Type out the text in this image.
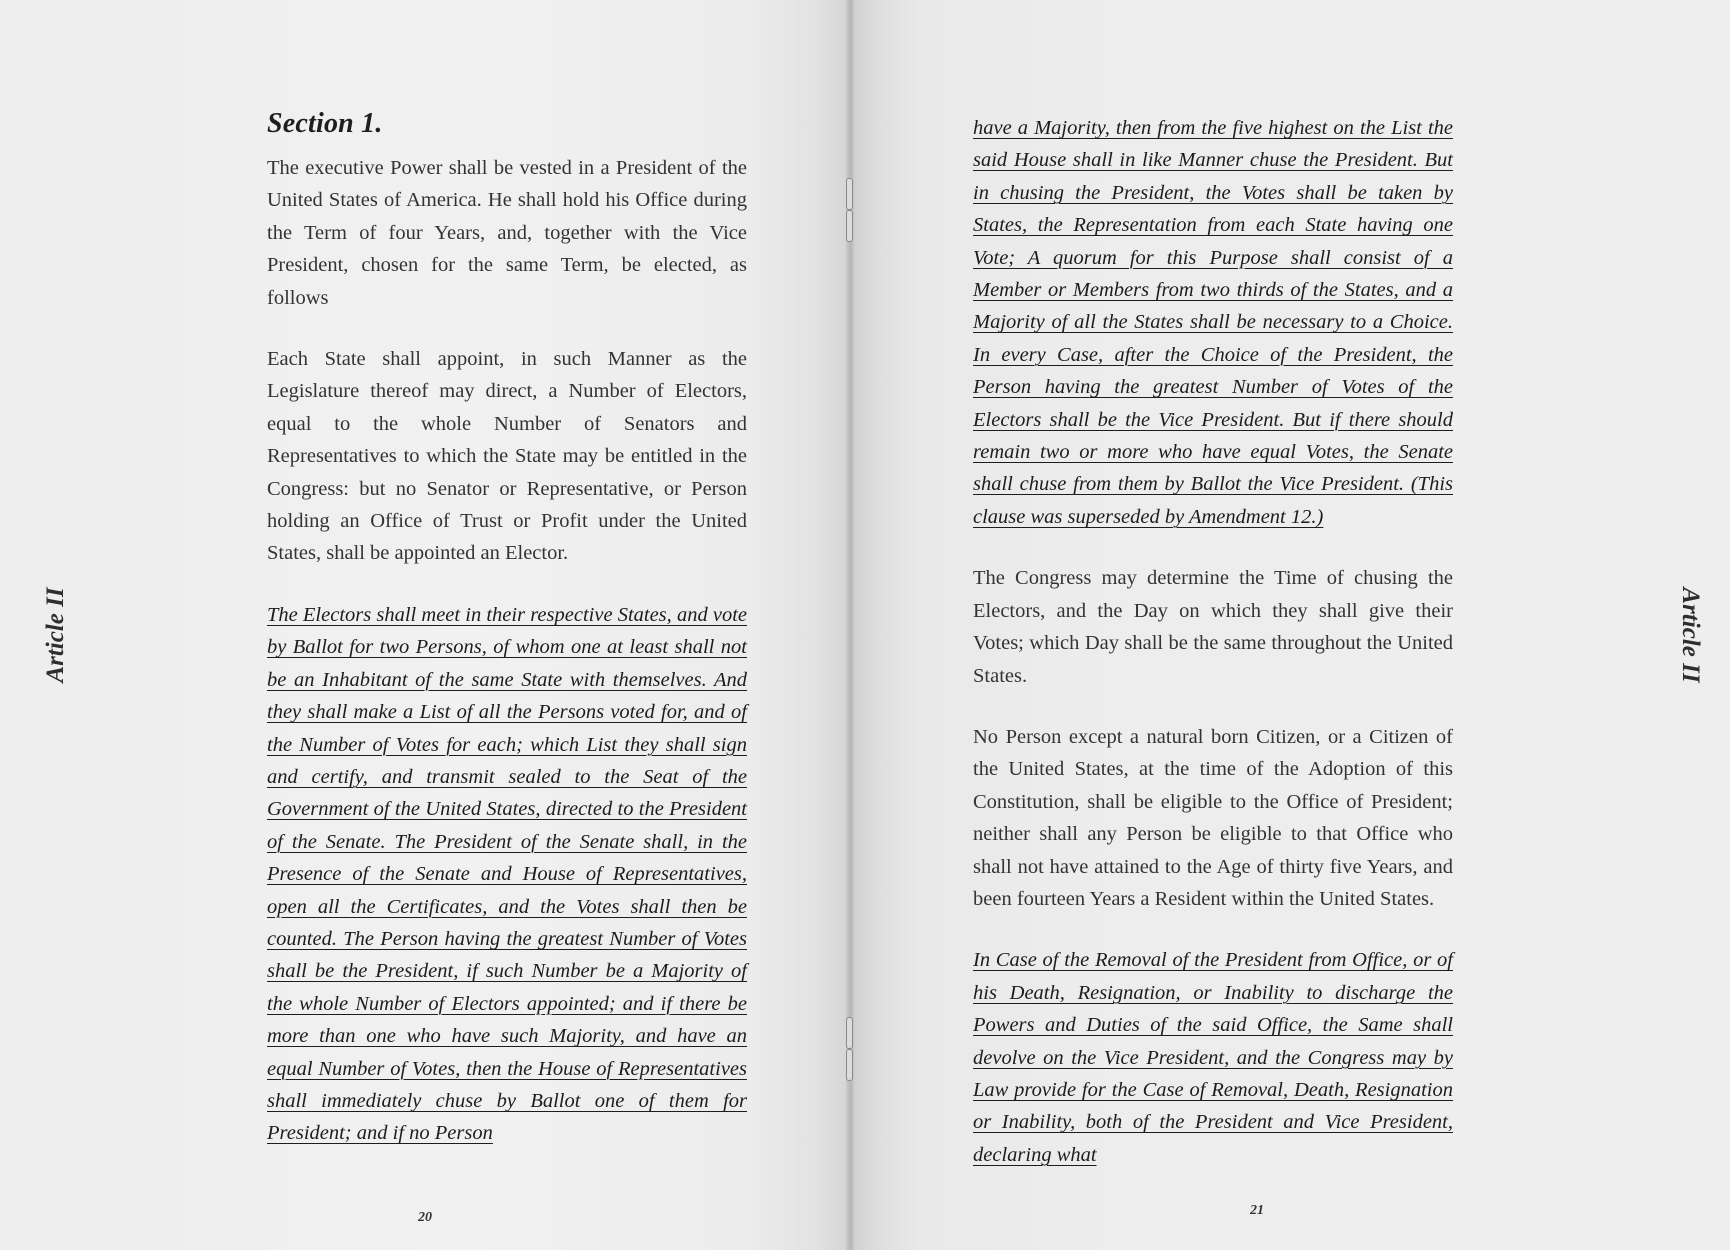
Article II
Section 1.

The executive Power shall be vested in a President of the United States of America. He shall hold his Office during the Term of four Years, and, together with the Vice President, chosen for the same Term, be elected, as follows

Each State shall appoint, in such Manner as the Legislature thereof may direct, a Number of Electors, equal to the whole Number of Senators and Representatives to which the State may be entitled in the Congress: but no Senator or Representative, or Person holding an Office of Trust or Profit under the United States, shall be appointed an Elector.

The Electors shall meet in their respective States, and vote by Ballot for two Persons, of whom one at least shall not be an Inhabitant of the same State with themselves. And they shall make a List of all the Persons voted for, and of the Number of Votes for each; which List they shall sign and certify, and transmit sealed to the Seat of the Government of the United States, directed to the President of the Senate. The President of the Senate shall, in the Presence of the Senate and House of Representatives, open all the Certificates, and the Votes shall then be counted. The Person having the greatest Number of Votes shall be the President, if such Number be a Majority of the whole Number of Electors appointed; and if there be more than one who have such Majority, and have an equal Number of Votes, then the House of Representatives shall immediately chuse by Ballot one of them for President; and if no Person

20

have a Majority, then from the five highest on the List the said House shall in like Manner chuse the President. But in chusing the President, the Votes shall be taken by States, the Representation from each State having one Vote; A quorum for this Purpose shall consist of a Member or Members from two thirds of the States, and a Majority of all the States shall be necessary to a Choice. In every Case, after the Choice of the President, the Person having the greatest Number of Votes of the Electors shall be the Vice President. But if there should remain two or more who have equal Votes, the Senate shall chuse from them by Ballot the Vice President. (This clause was superseded by Amendment 12.)

The Congress may determine the Time of chusing the Electors, and the Day on which they shall give their Votes; which Day shall be the same throughout the United States.

No Person except a natural born Citizen, or a Citizen of the United States, at the time of the Adoption of this Constitution, shall be eligible to the Office of President; neither shall any Person be eligible to that Office who shall not have attained to the Age of thirty five Years, and been fourteen Years a Resident within the United States.

In Case of the Removal of the President from Office, or of his Death, Resignation, or Inability to discharge the Powers and Duties of the said Office, the Same shall devolve on the Vice President, and the Congress may by Law provide for the Case of Removal, Death, Resignation or Inability, both of the President and Vice President, declaring what

Article II
21
